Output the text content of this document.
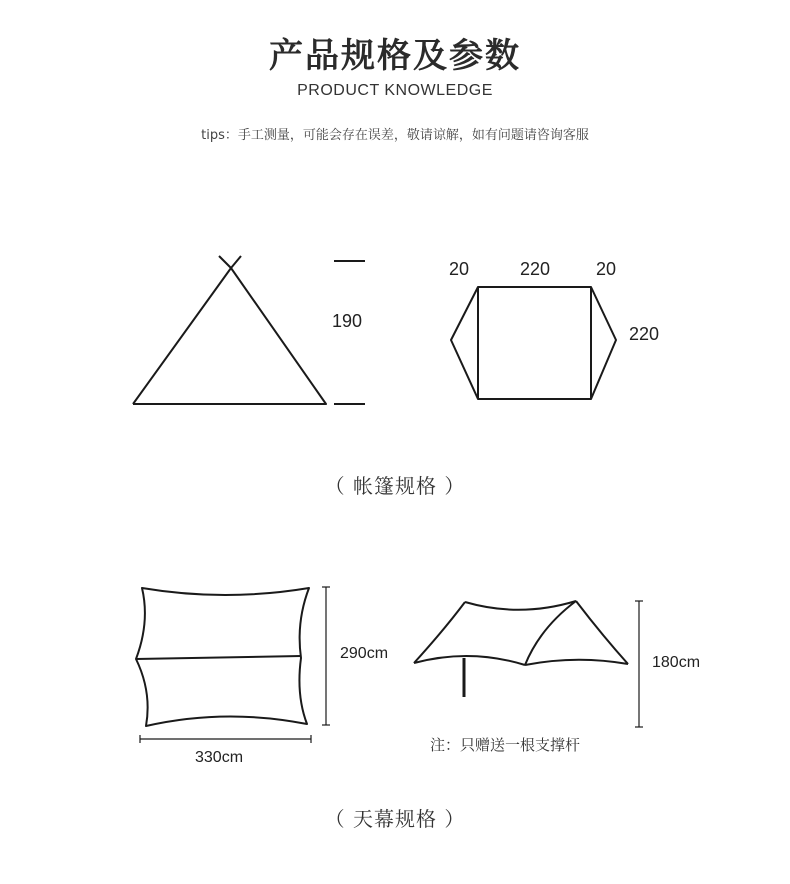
产品规格及参数
PRODUCT KNOWLEDGE
tips：手工测量，可能会存在误差，敬请谅解，如有问题请咨询客服
190
20	220	20
220
（ 帐篷规格 ）
290cm
330cm
180cm
注：只赠送一根支撑杆
（ 天幕规格 ）
